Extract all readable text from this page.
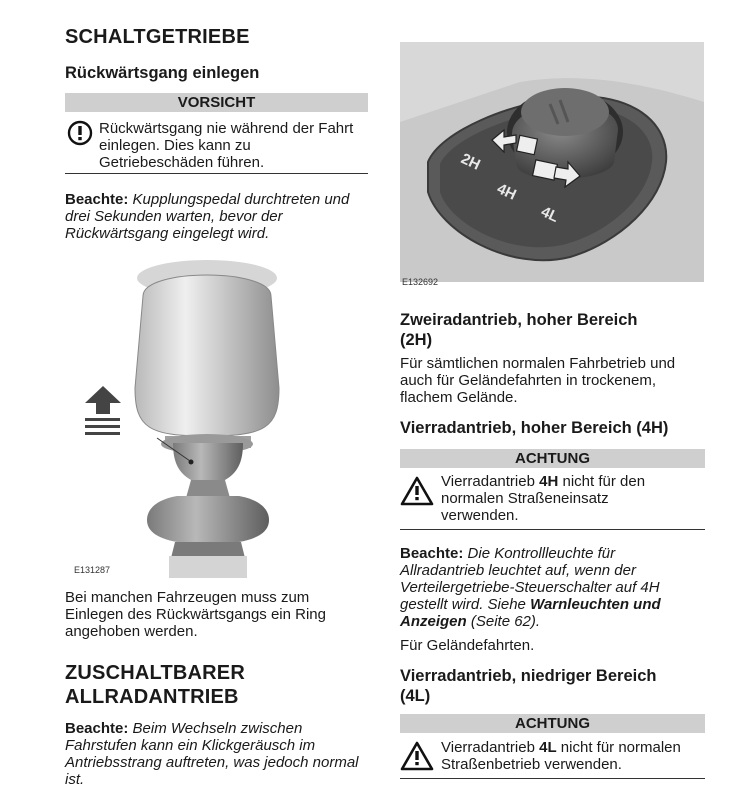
SCHALTGETRIEBE
Rückwärtsgang einlegen
VORSICHT
Rückwärtsgang nie während der Fahrt
einlegen. Dies kann zu
Getriebeschäden führen.
Beachte: Kupplungspedal durchtreten und
drei Sekunden warten, bevor der
Rückwärtsgang eingelegt wird.
E131287
Bei manchen Fahrzeugen muss zum
Einlegen des Rückwärtsgangs ein Ring
angehoben werden.
ZUSCHALTBARER
ALLRADANTRIEB
Beachte: Beim Wechseln zwischen
Fahrstufen kann ein Klickgeräusch im
Antriebsstrang auftreten, was jedoch normal
ist.
2H
4H
4L
E132692
Zweiradantrieb, hoher Bereich
(2H)
Für sämtlichen normalen Fahrbetrieb und
auch für Geländefahrten in trockenem,
flachem Gelände.
Vierradantrieb, hoher Bereich (4H)
ACHTUNG
Vierradantrieb 4H nicht für den
normalen Straßeneinsatz
verwenden.
Beachte: Die Kontrollleuchte für
Allradantrieb leuchtet auf, wenn der
Verteilergetriebe-Steuerschalter auf 4H
gestellt wird. Siehe Warnleuchten und
Anzeigen (Seite 62).
Für Geländefahrten.
Vierradantrieb, niedriger Bereich
(4L)
ACHTUNG
Vierradantrieb 4L nicht für normalen
Straßenbetrieb verwenden.
